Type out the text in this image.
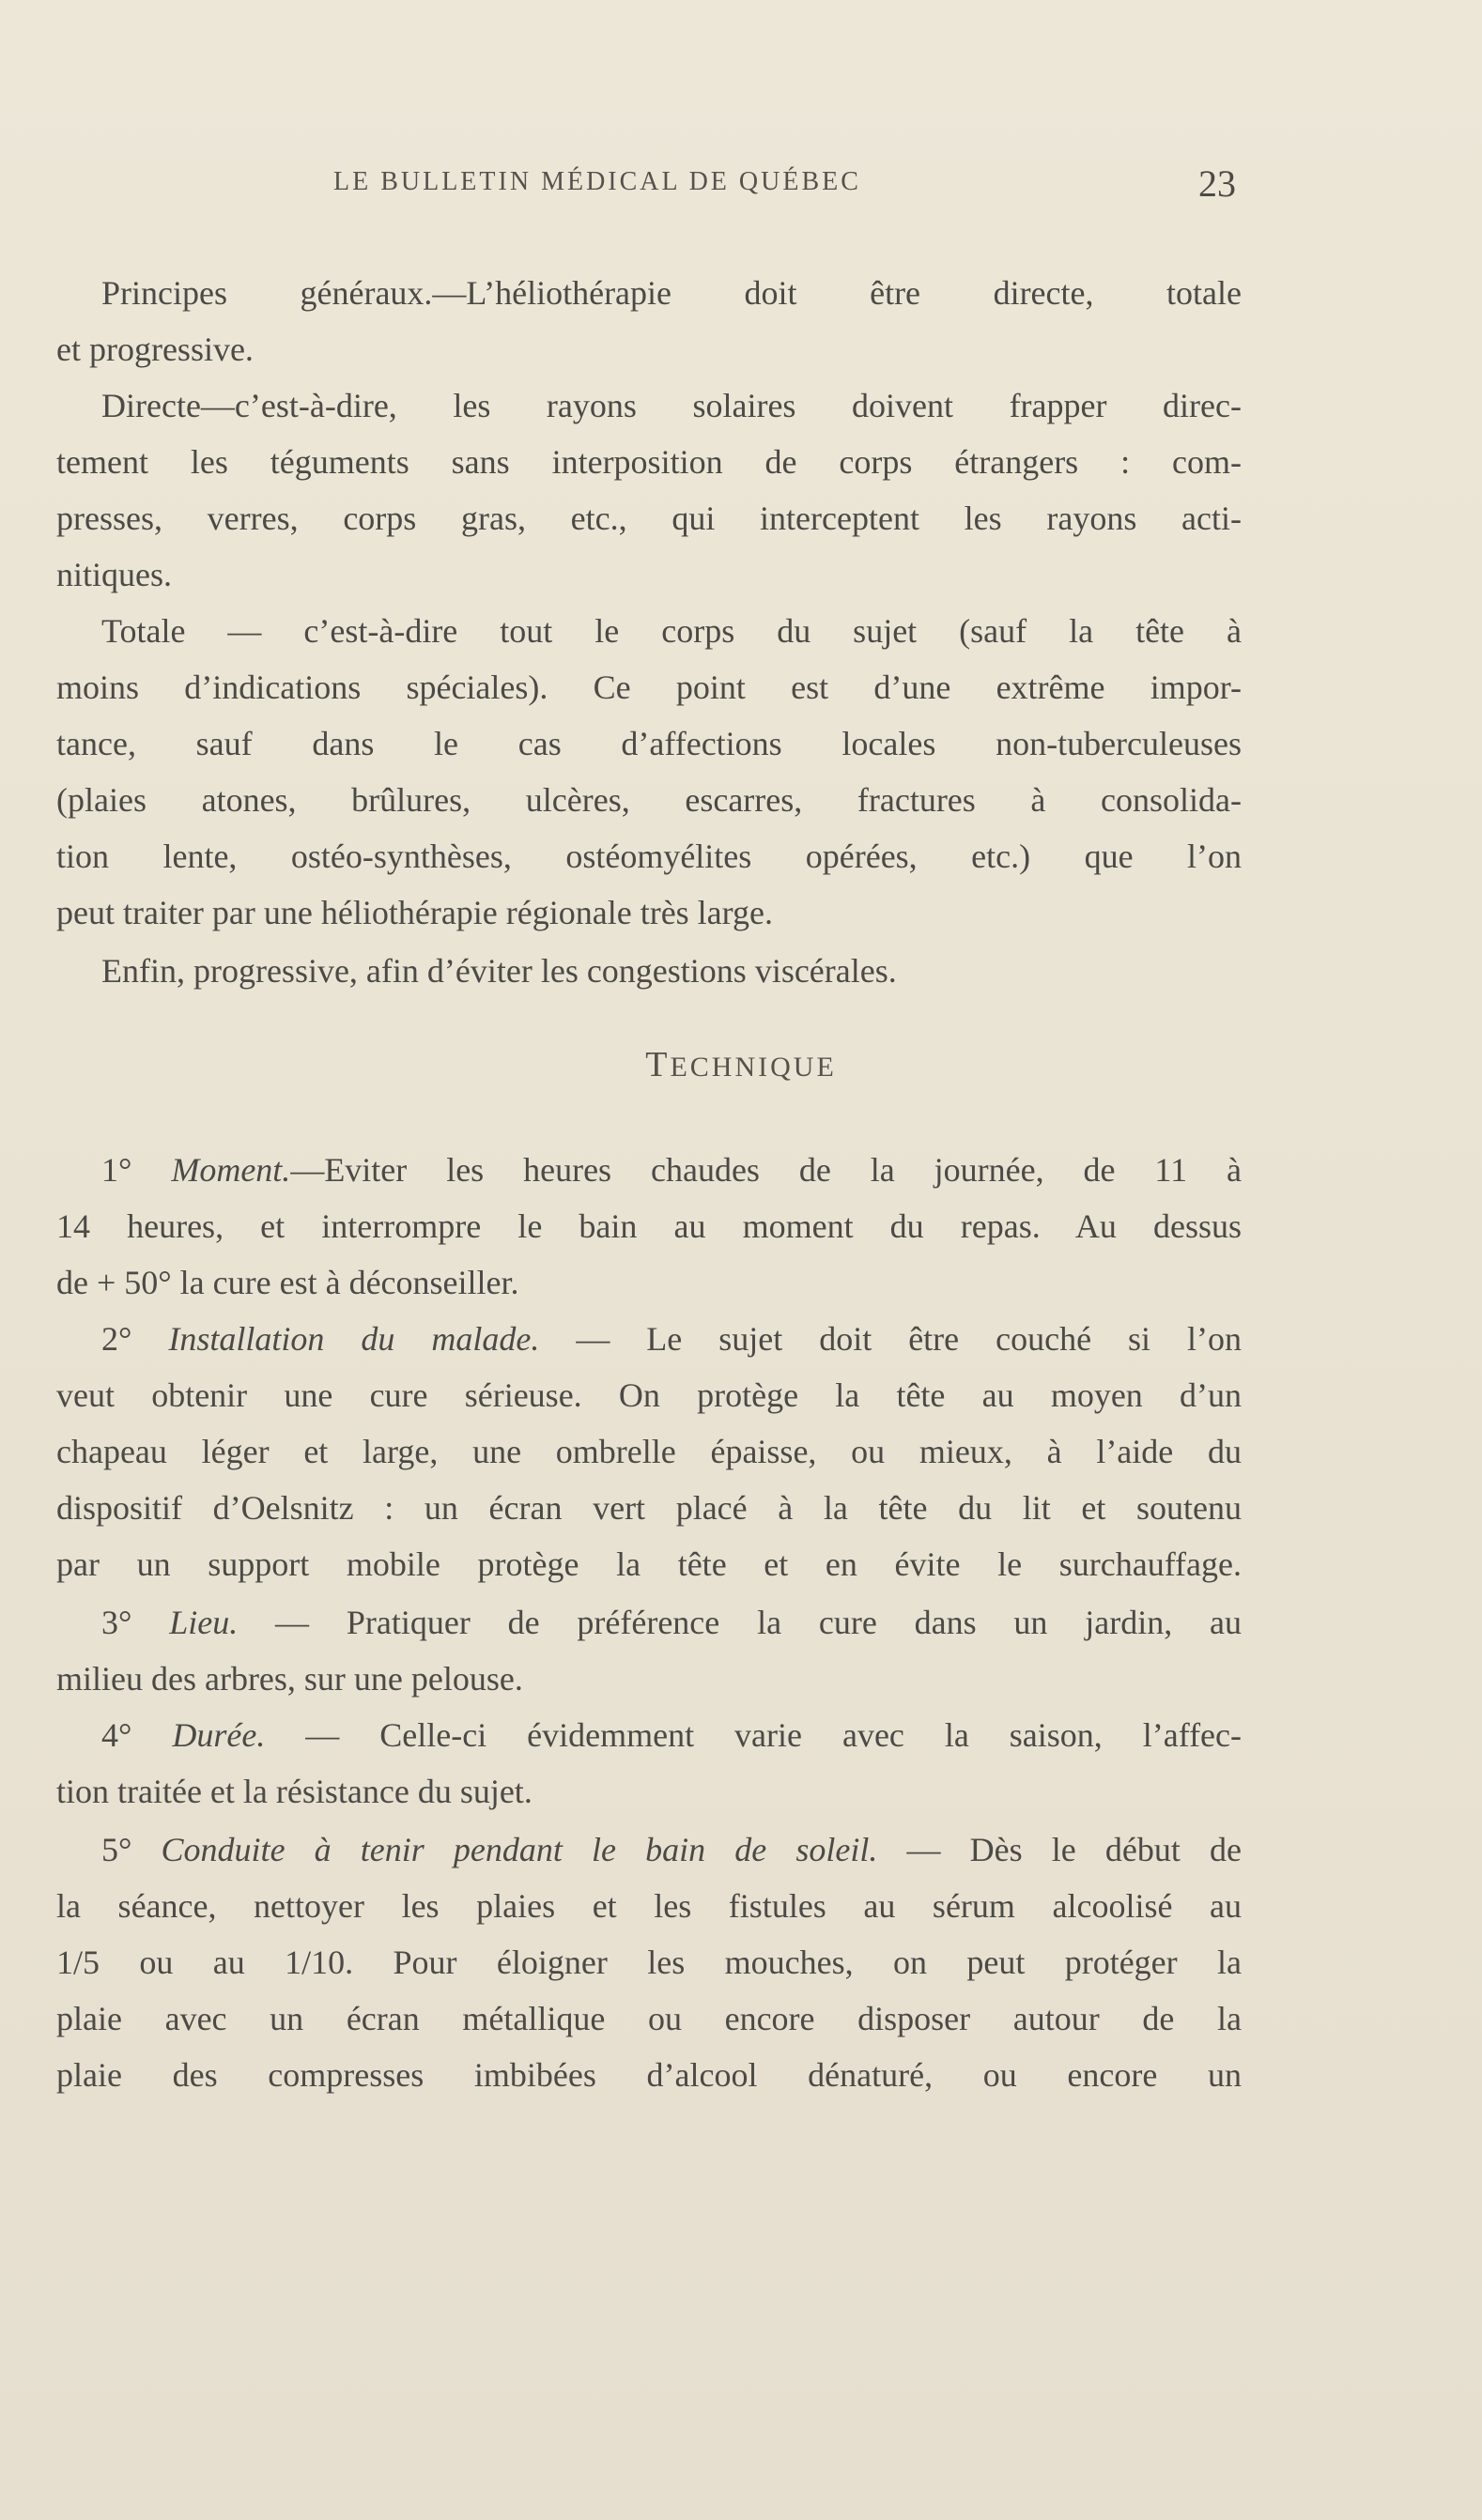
LE BULLETIN MÉDICAL DE QUÉBEC	23
Principes généraux.—L’héliothérapie doit être directe, totale
et progressive.
Directe—c’est-à-dire, les rayons solaires doivent frapper direc-
tement les téguments sans interposition de corps étrangers : com-
presses, verres, corps gras, etc., qui interceptent les rayons acti-
nitiques.
Totale — c’est-à-dire tout le corps du sujet (sauf la tête à
moins d’indications spéciales). Ce point est d’une extrême impor-
tance, sauf dans le cas d’affections locales non-tuberculeuses
(plaies atones, brûlures, ulcères, escarres, fractures à consolida-
tion lente, ostéo-synthèses, ostéomyélites opérées, etc.) que l’on
peut traiter par une héliothérapie régionale très large.
Enfin, progressive, afin d’éviter les congestions viscérales.
TECHNIQUE
1° Moment.—Eviter les heures chaudes de la journée, de 11 à
14 heures, et interrompre le bain au moment du repas. Au dessus
de + 50° la cure est à déconseiller.
2° Installation du malade. — Le sujet doit être couché si l’on
veut obtenir une cure sérieuse. On protège la tête au moyen d’un
chapeau léger et large, une ombrelle épaisse, ou mieux, à l’aide du
dispositif d’Oelsnitz : un écran vert placé à la tête du lit et soutenu
par un support mobile protège la tête et en évite le surchauffage.
3° Lieu. — Pratiquer de préférence la cure dans un jardin, au
milieu des arbres, sur une pelouse.
4° Durée. — Celle-ci évidemment varie avec la saison, l’affec-
tion traitée et la résistance du sujet.
5° Conduite à tenir pendant le bain de soleil. — Dès le début de
la séance, nettoyer les plaies et les fistules au sérum alcoolisé au
1/5 ou au 1/10. Pour éloigner les mouches, on peut protéger la
plaie avec un écran métallique ou encore disposer autour de la
plaie des compresses imbibées d’alcool dénaturé, ou encore un
